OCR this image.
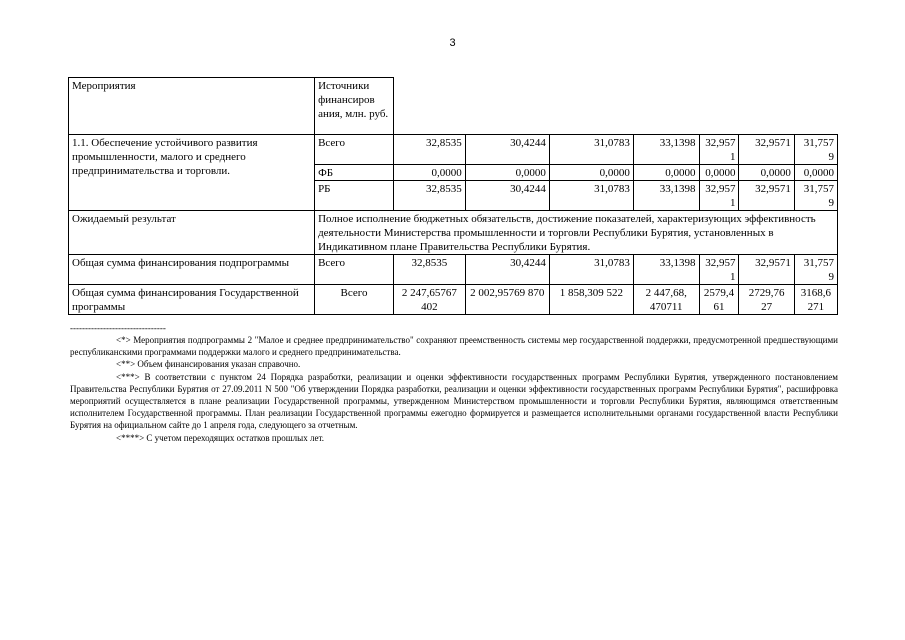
3
Мероприятия	Источники финансиров ания, млн. руб.							
1.1. Обеспечение устойчивого развития промышленности, малого и среднего предпринимательства и торговли.	Всего	32,8535	30,4244	31,0783	33,1398	32,957 1	32,9571	31,757 9
	ФБ	0,0000	0,0000	0,0000	0,0000	0,0000	0,0000	0,0000
	РБ	32,8535	30,4244	31,0783	33,1398	32,957 1	32,9571	31,757 9
Ожидаемый результат	Полное исполнение бюджетных обязательств, достижение показателей, характеризующих эффективность деятельности Министерства промышленности и торговли Республики Бурятия, установленных в Индикативном плане Правительства Республики Бурятия.							
Общая сумма финансирования подпрограммы	Всего	32,8535	30,4244	31,0783	33,1398	32,957 1	32,9571	31,757 9
Общая сумма финансирования Государственной программы	Всего	2 247,65767 402	2 002,95769 870	1 858,309 522	2 447,68, 470711	2579,4 61	2729,76 27	3168,6 271
--------------------------------

<*> Мероприятия подпрограммы 2 "Малое и среднее предпринимательство" сохраняют преемственность системы мер государственной поддержки, предусмотренной предшествующими республиканскими программами поддержки малого и среднего предпринимательства.

<**> Объем финансирования указан справочно.

<***> В соответствии с пунктом 24 Порядка разработки, реализации и оценки эффективности государственных программ Республики Бурятия, утвержденного постановлением Правительства Республики Бурятия от 27.09.2011 N 500 "Об утверждении Порядка разработки, реализации и оценки эффективности государственных программ Республики Бурятия", расшифровка мероприятий осуществляется в плане реализации Государственной программы, утвержденном Министерством промышленности и торговли Республики Бурятия, являющимся ответственным исполнителем Государственной программы. План реализации Государственной программы ежегодно формируется и размещается исполнительными органами государственной власти Республики Бурятия на официальном сайте до 1 апреля года, следующего за отчетным.

<****> С учетом переходящих остатков прошлых лет.
